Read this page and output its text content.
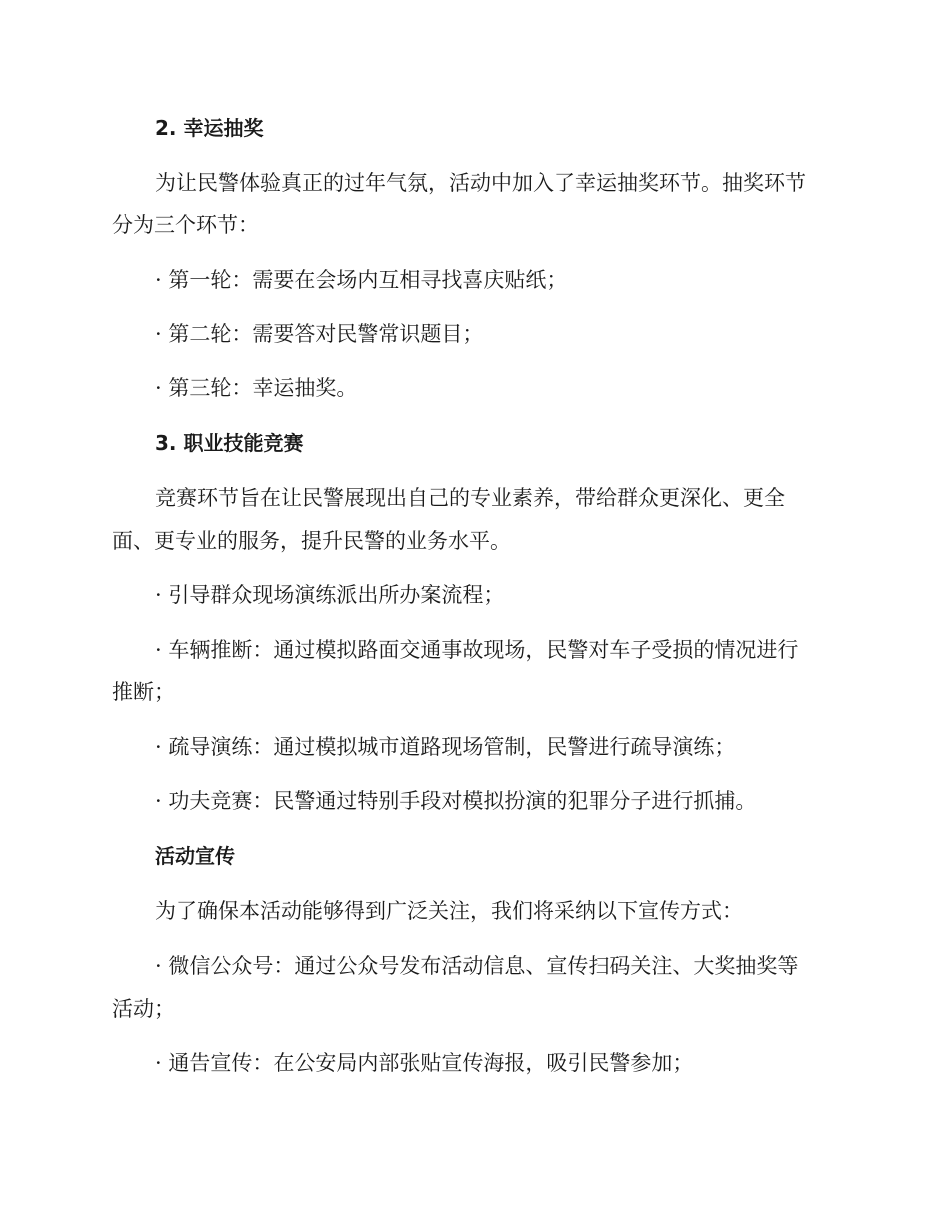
2. 幸运抽奖
为让民警体验真正的过年气氛，活动中加入了幸运抽奖环节。抽奖环节
分为三个环节：
· 第一轮：需要在会场内互相寻找喜庆贴纸；
· 第二轮：需要答对民警常识题目；
· 第三轮：幸运抽奖。
3. 职业技能竞赛
竞赛环节旨在让民警展现出自己的专业素养，带给群众更深化、更全
面、更专业的服务，提升民警的业务水平。
· 引导群众现场演练派出所办案流程；
· 车辆推断：通过模拟路面交通事故现场，民警对车子受损的情况进行
推断；
· 疏导演练：通过模拟城市道路现场管制，民警进行疏导演练；
· 功夫竞赛：民警通过特别手段对模拟扮演的犯罪分子进行抓捕。
活动宣传
为了确保本活动能够得到广泛关注，我们将采纳以下宣传方式：
· 微信公众号：通过公众号发布活动信息、宣传扫码关注、大奖抽奖等
活动；
· 通告宣传：在公安局内部张贴宣传海报，吸引民警参加；
